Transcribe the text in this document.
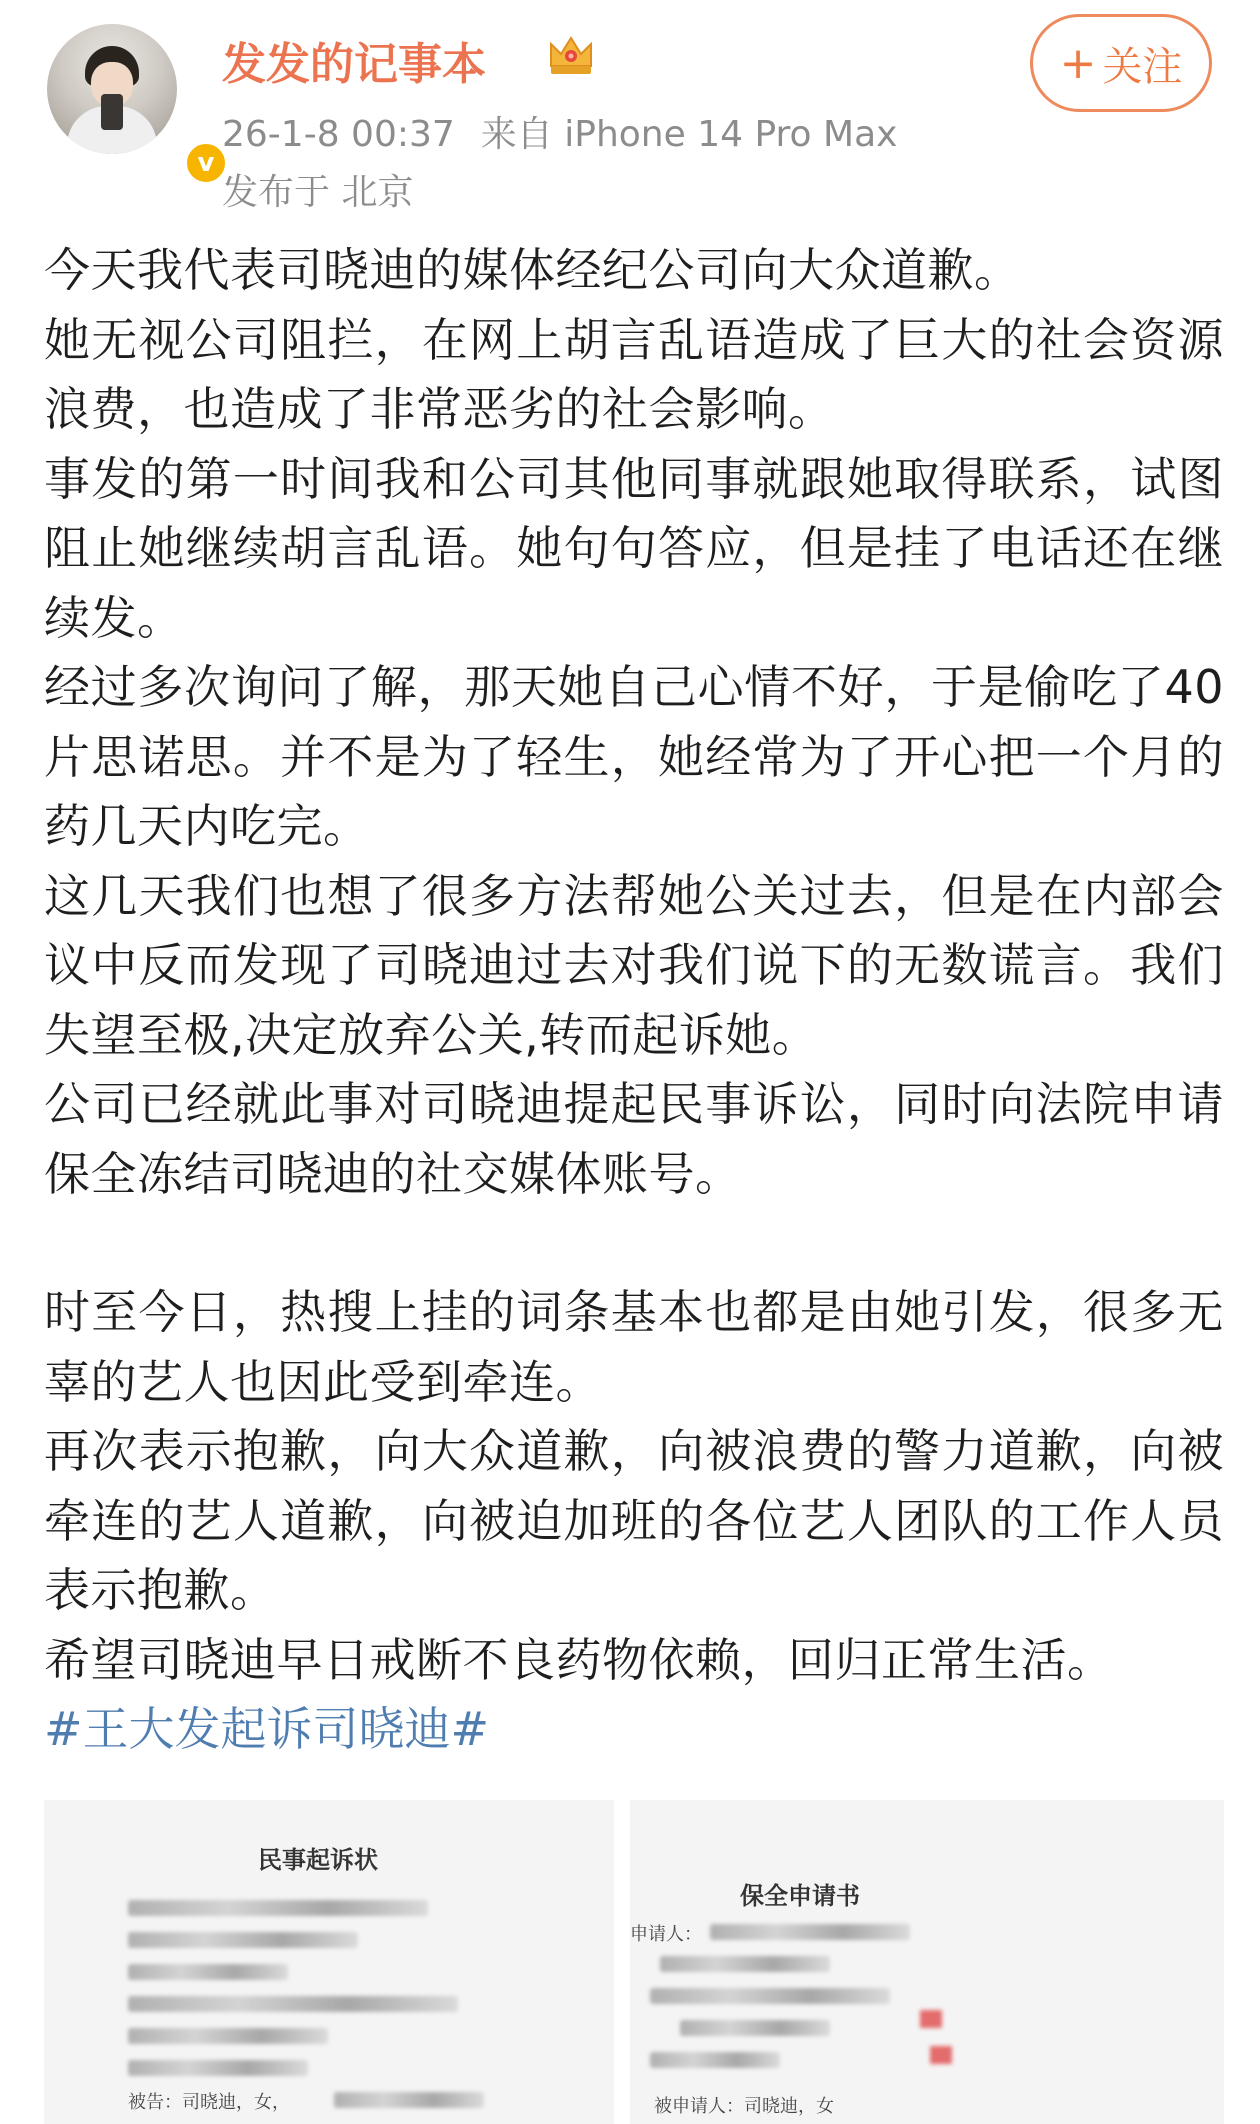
v
发发的记事本
26-1-8 00:37 来自 iPhone 14 Pro Max
发布于 北京
+ 关注

今天我代表司晓迪的媒体经纪公司向大众道歉。

她无视公司阻拦，在网上胡言乱语造成了巨大的社会资源浪费，也造成了非常恶劣的社会影响。

事发的第一时间我和公司其他同事就跟她取得联系，试图阻止她继续胡言乱语。她句句答应，但是挂了电话还在继续发。

经过多次询问了解，那天她自己心情不好，于是偷吃了40片思诺思。并不是为了轻生，她经常为了开心把一个月的药几天内吃完。

这几天我们也想了很多方法帮她公关过去，但是在内部会议中反而发现了司晓迪过去对我们说下的无数谎言。我们失望至极,决定放弃公关,转而起诉她。

公司已经就此事对司晓迪提起民事诉讼，同时向法院申请保全冻结司晓迪的社交媒体账号。

时至今日，热搜上挂的词条基本也都是由她引发，很多无辜的艺人也因此受到牵连。

再次表示抱歉，向大众道歉，向被浪费的警力道歉，向被牵连的艺人道歉，向被迫加班的各位艺人团队的工作人员表示抱歉。

希望司晓迪早日戒断不良药物依赖，回归正常生活。

#王大发起诉司晓迪#
民事起诉状
被告：司晓迪，女，
保全申请书
申请人：
被申请人：司晓迪，女
